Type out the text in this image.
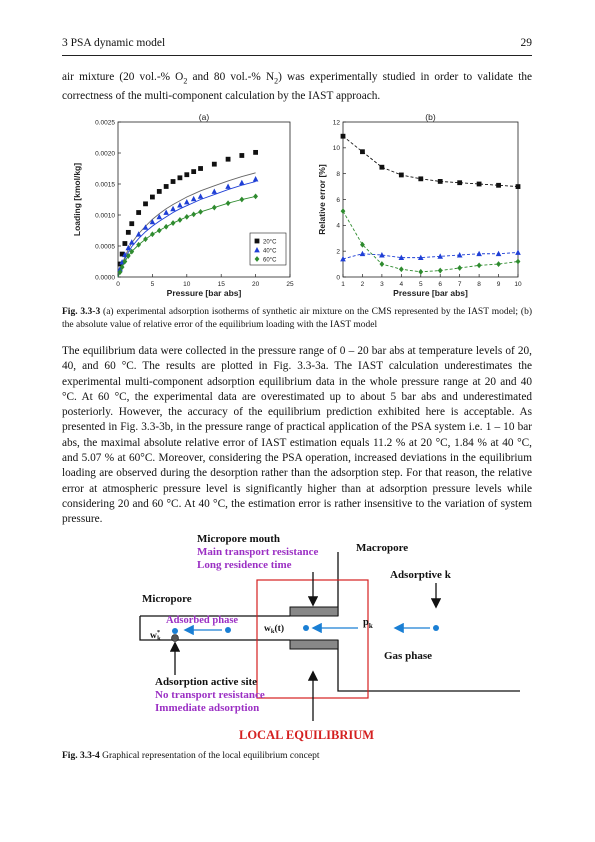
3 PSA dynamic model	29

air mixture (20 vol.-% $O_2$ and 80 vol.-% $N_2$) was experimentally studied in order to validate the correctness of the multi-component calculation by the IAST approach.

0	5	10	15	20	25
0.0000
0.0005
0.0010
0.0015
0.0020
0.0025
(a)
Pressure [bar abs]
Loading [kmol/kg]
20°C
40°C
60°C
1 2 3 4 5 6 7 8 9 10
0
2
4
6
8
10
12
(b)
Pressure [bar abs]
Relative error [%]

Fig. 3.3-3 (a) experimental adsorption isotherms of synthetic air mixture on the CMS represented by the IAST model; (b) the absolute value of relative error of the equilibrium loading with the IAST model

The equilibrium data were collected in the pressure range of 0 – 20 bar abs at temperature levels of 20, 40, and 60 °C. The results are plotted in Fig. 3.3-3a. The IAST calculation underestimates the experimental multi-component adsorption equilibrium data in the whole pressure range at 20 and 40 °C. At 60 °C, the experimental data are overestimated up to about 5 bar abs and underestimated posteriorly. However, the accuracy of the equilibrium prediction exhibited here is acceptable. As presented in Fig. 3.3-3b, in the pressure range of practical application of the PSA system i.e. 1 – 10 bar abs, the maximal absolute relative error of IAST estimation equals 11.2 % at 20 °C, 1.84 % at 40 °C, and 5.07 % at 60°C. Moreover, considering the PSA operation, increased deviations in the equilibrium loading are observed during the desorption rather than the adsorption step. For that reason, the relative error at atmospheric pressure level is significantly higher than at adsorption pressure levels while considering 20 and 60 °C. At 40 °C, the estimation error is rather insensitive to the variation of system pressure.

Micropore mouth
Main transport resistance
Long residence time
Macropore
Adsorptive k
Micropore
Adsorbed phase	$p_k$
$w_k(t)$
w* k
Gas phase
Adsorption active site
No transport resistance
Immediate adsorption
LOCAL EQUILIBRIUM

Fig. 3.3-4 Graphical representation of the local equilibrium concept
